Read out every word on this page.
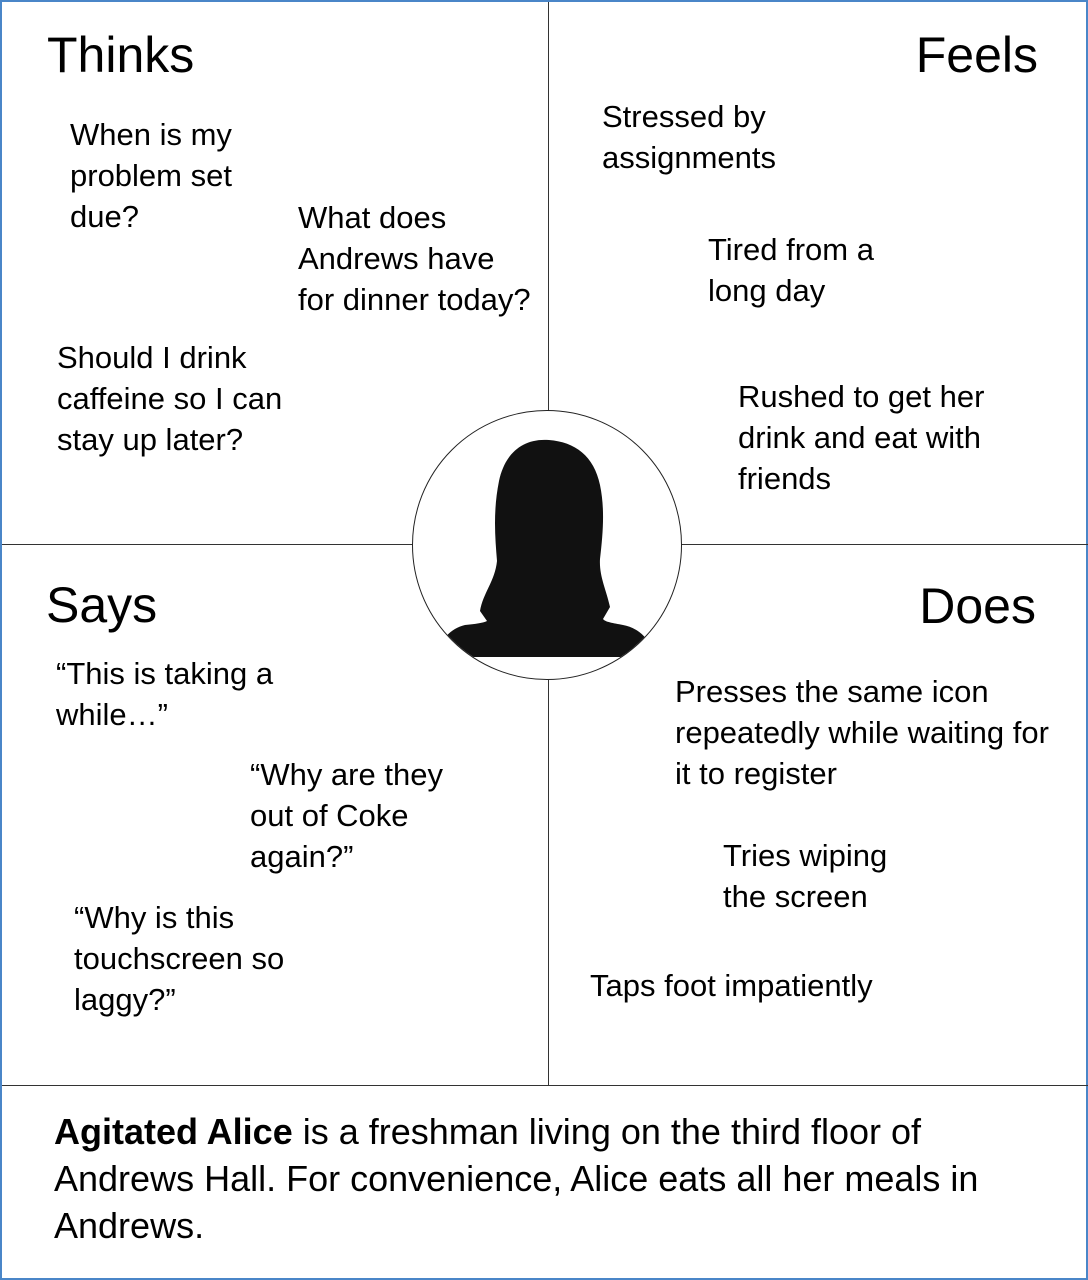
Thinks
When is my problem set due?	What does Andrews have for dinner today?
Should I drink caffeine so I can stay up later?
Feels
Stressed by assignments
Tired from a long day
Rushed to get her drink and eat with friends
Says
“This is taking a while…”
“Why are they out of Coke again?”
“Why is this touchscreen so laggy?”
Does
Presses the same icon repeatedly while waiting for it to register
Tries wiping the screen
Taps foot impatiently
Agitated Alice is a freshman living on the third floor of Andrews Hall. For convenience, Alice eats all her meals in Andrews.
